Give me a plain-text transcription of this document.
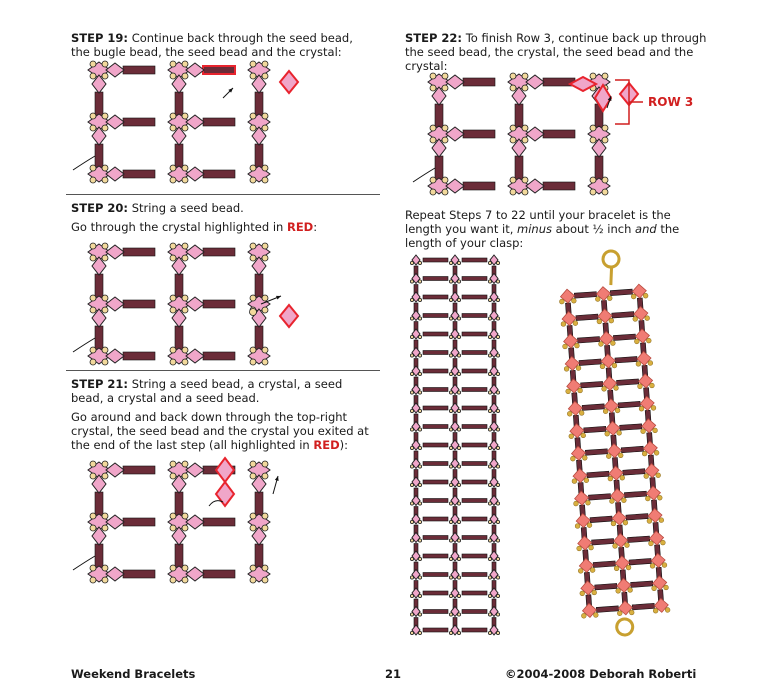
STEP 19: Continue back through the seed bead, the bugle bead, the seed bead and the crystal:
STEP 20: String a seed bead.
Go through the crystal highlighted in RED:
STEP 21: String a seed bead, a crystal, a seed bead, a crystal and a seed bead.
Go around and back down through the top-right crystal, the seed bead and the crystal you exited at the end of the last step (all highlighted in RED):
STEP 22: To finish Row 3, continue back up through the seed bead, the crystal, the seed bead and the crystal:
ROW 3
Repeat Steps 7 to 22 until your bracelet is the length you want it, minus about ½ inch and the length of your clasp:
Weekend Bracelets	21	©2004-2008 Deborah Roberti
